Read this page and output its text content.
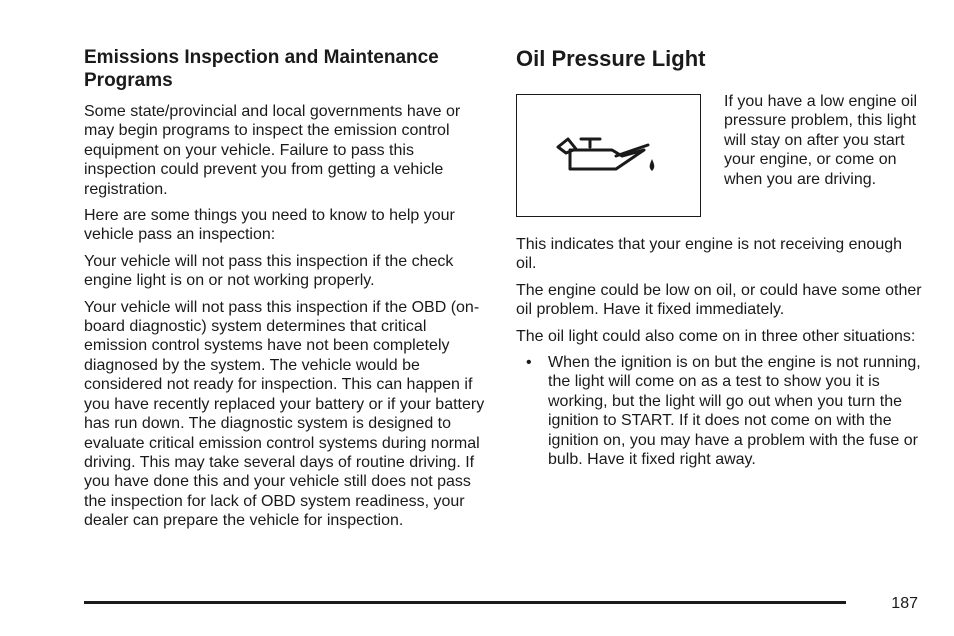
Emissions Inspection and Maintenance Programs

Some state/provincial and local governments have or may begin programs to inspect the emission control equipment on your vehicle. Failure to pass this inspection could prevent you from getting a vehicle registration.

Here are some things you need to know to help your vehicle pass an inspection:

Your vehicle will not pass this inspection if the check engine light is on or not working properly.

Your vehicle will not pass this inspection if the OBD (on-board diagnostic) system determines that critical emission control systems have not been completely diagnosed by the system. The vehicle would be considered not ready for inspection. This can happen if you have recently replaced your battery or if your battery has run down. The diagnostic system is designed to evaluate critical emission control systems during normal driving. This may take several days of routine driving. If you have done this and your vehicle still does not pass the inspection for lack of OBD system readiness, your dealer can prepare the vehicle for inspection.

Oil Pressure Light
If you have a low engine oil pressure problem, this light will stay on after you start your engine, or come on when you are driving.

This indicates that your engine is not receiving enough oil.

The engine could be low on oil, or could have some other oil problem. Have it fixed immediately.

The oil light could also come on in three other situations:

• When the ignition is on but the engine is not running, the light will come on as a test to show you it is working, but the light will go out when you turn the ignition to START. If it does not come on with the ignition on, you may have a problem with the fuse or bulb. Have it fixed right away.
187
